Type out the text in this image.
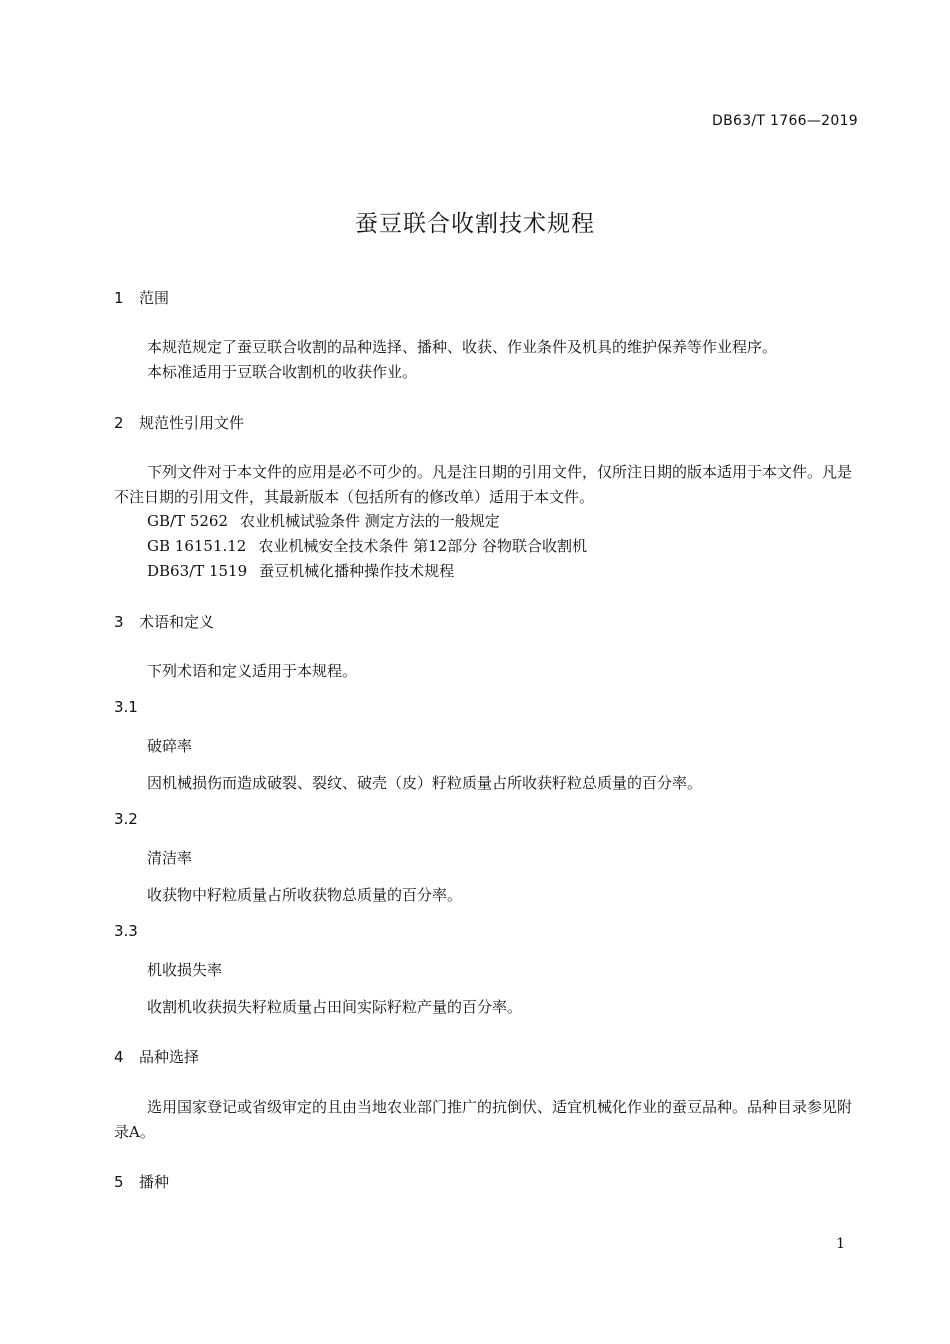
DB63/T 1766—2019
蚕豆联合收割技术规程
1 范围
本规范规定了蚕豆联合收割的品种选择、播种、收获、作业条件及机具的维护保养等作业程序。
本标准适用于豆联合收割机的收获作业。
2 规范性引用文件
下列文件对于本文件的应用是必不可少的。凡是注日期的引用文件，仅所注日期的版本适用于本文件。凡是不注日期的引用文件，其最新版本（包括所有的修改单）适用于本文件。
GB/T 5262 农业机械试验条件 测定方法的一般规定
GB 16151.12 农业机械安全技术条件 第12部分 谷物联合收割机
DB63/T 1519 蚕豆机械化播种操作技术规程
3 术语和定义
下列术语和定义适用于本规程。
3.1
破碎率
因机械损伤而造成破裂、裂纹、破壳（皮）籽粒质量占所收获籽粒总质量的百分率。
3.2
清洁率
收获物中籽粒质量占所收获物总质量的百分率。
3.3
机收损失率
收割机收获损失籽粒质量占田间实际籽粒产量的百分率。
4 品种选择
选用国家登记或省级审定的且由当地农业部门推广的抗倒伏、适宜机械化作业的蚕豆品种。品种目录参见附录A。
5 播种
1
